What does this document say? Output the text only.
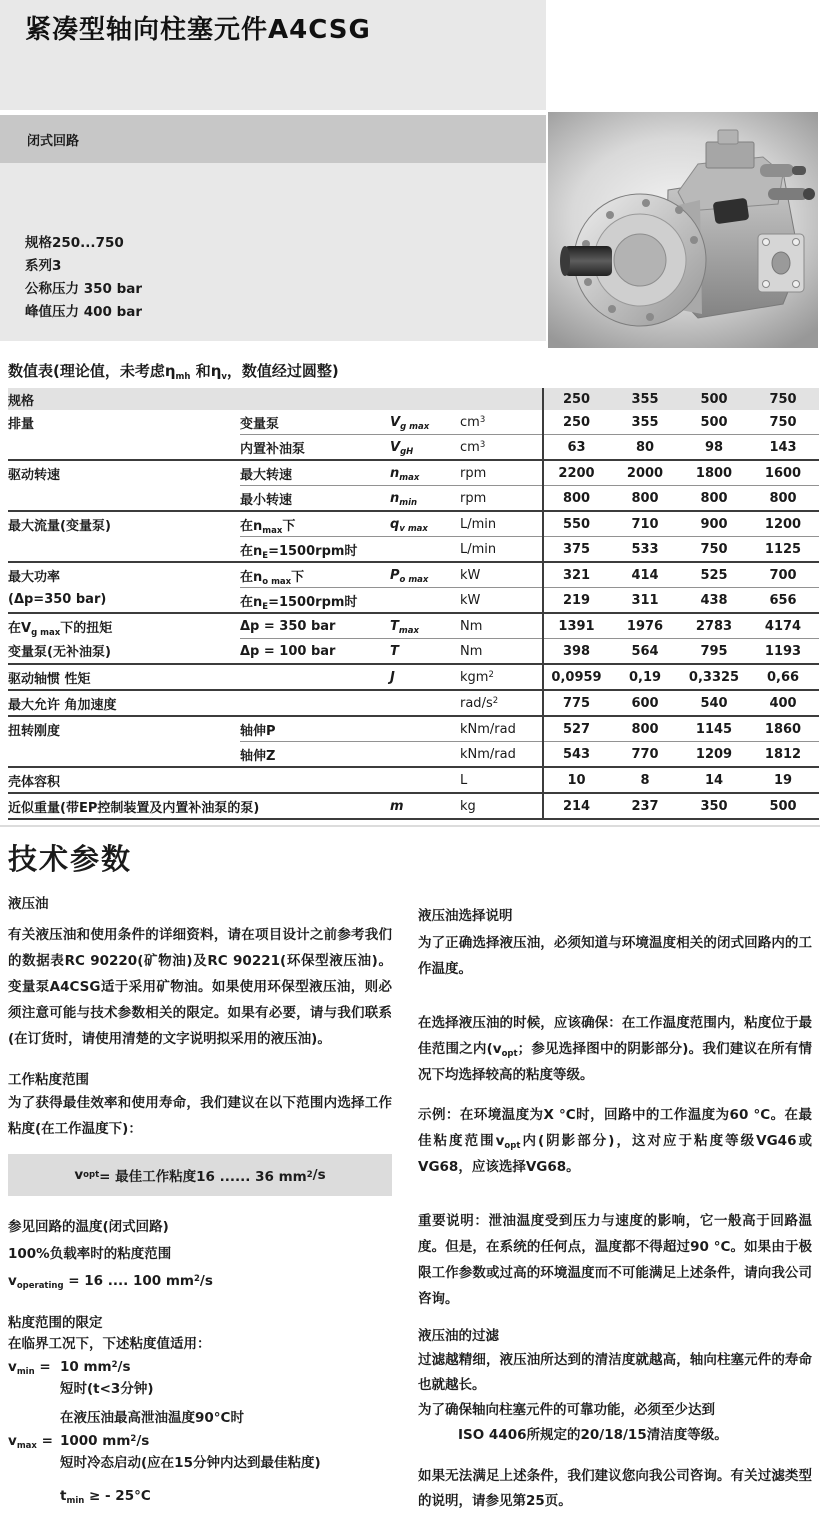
紧凑型轴向柱塞元件A4CSG
闭式回路
规格250...750
系列3
公称压力 350 bar
峰值压力 400 bar
数值表(理论值，未考虑$\eta_{mh}$ 和$\eta_v$，数值经过圆整)
规格				250	355	500	750
排量	变量泵	$V_{g max}$	$cm^3$	250	355	500	750
	内置补油泵	$V_{gH}$	$cm^3$	63	80	98	143
驱动转速	最大转速	$n_{max}$	rpm	2200	2000	1800	1600
	最小转速	$n_{min}$	rpm	800	800	800	800
最大流量(变量泵)	在$n_{max}$下	$q_{v max}$	L/min	550	710	900	1200
	在$n_E=1500rpm$时		L/min	375	533	750	1125
最大功率	在$n_{o max}$下	$P_{o max}$	kW	321	414	525	700
(Δp=350 bar)	在$n_E=1500rpm$时		kW	219	311	438	656
在$V_{g max}$下的扭矩	Δp = 350 bar	$T_{max}$	Nm	1391	1976	2783	4174
变量泵(无补油泵)	Δp = 100 bar	T	Nm	398	564	795	1193
驱动轴惯 性矩		J	kgm$^2$	0,0959	0,19	0,3325	0,66
最大允许 角加速度			rad/$s^2$	775	600	540	400
扭转刚度	轴伸P		kNm/rad	527	800	1145	1860
	轴伸Z		kNm/rad	543	770	1209	1812
壳体容积			L	10	8	14	19
近似重量(带EP控制装置及内置补油泵的泵)		m	kg	214	237	350	500
技术参数
液压油

有关液压油和使用条件的详细资料，请在项目设计之前参考我们的数据表RC 90220(矿物油)及RC 90221(环保型液压油)。变量泵A4CSG适于采用矿物油。如果使用环保型液压油，则必须注意可能与技术参数相关的限定。如果有必要，请与我们联系(在订货时，请使用清楚的文字说明拟采用的液压油)。

工作粘度范围

为了获得最佳效率和使用寿命，我们建议在以下范围内选择工作粘度(在工作温度下)：

v opt = 最佳工作粘度16 ...... 36 mm 2 /s
参见回路的温度(闭式回路)
100%负载率时的粘度范围
$v_{operating} = 16$ .... 100 $mm^2/s$
粘度范围的限定

在临界工况下，下述粘度值适用：

$v_{min} = 10$ $mm^2/s$
短时(t<3分钟)
在液压油最高泄油温度90°C时
$v_{max} = 1000$ $mm^2/s$
短时冷态启动(应在15分钟内达到最佳粘度)
$t_{min}$ ≥ - 25°C
液压油选择说明

为了正确选择液压油，必须知道与环境温度相关的闭式回路内的工作温度。

在选择液压油的时候，应该确保：在工作温度范围内，粘度位于最佳范围之内($v_{opt}$；参见选择图中的阴影部分)。我们建议在所有情况下均选择较高的粘度等级。

示例：在环境温度为X °C时，回路中的工作温度为60 °C。在最佳粘度范围$v_{opt}$内(阴影部分)，这对应于粘度等级VG46或VG68，应该选择VG68。

重要说明：泄油温度受到压力与速度的影响，它一般高于回路温度。但是，在系统的任何点，温度都不得超过90 °C。如果由于极限工作参数或过高的环境温度而不可能满足上述条件，请向我公司咨询。

液压油的过滤

过滤越精细，液压油所达到的清洁度就越高，轴向柱塞元件的寿命也就越长。

为了确保轴向柱塞元件的可靠功能，必须至少达到

ISO 4406所规定的20/18/15清洁度等级。

如果无法满足上述条件，我们建议您向我公司咨询。有关过滤类型的说明，请参见第25页。
